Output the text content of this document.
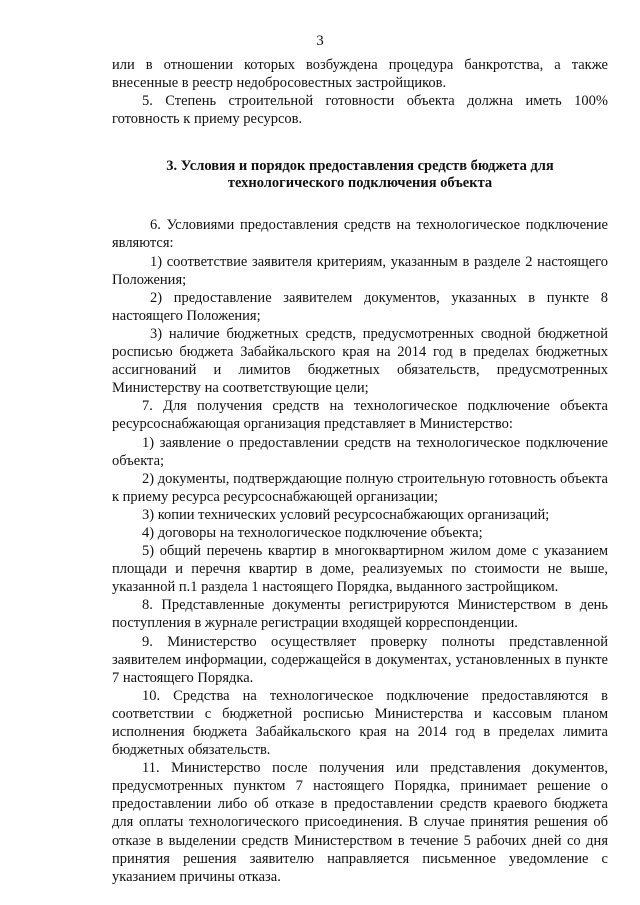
3

или в отношении которых возбуждена процедура банкротства, а также внесенные в реестр недобросовестных застройщиков.

5. Степень строительной готовности объекта должна иметь 100% готовность к приему ресурсов.

3. Условия и порядок предоставления средств бюджета для
технологического подключения объекта

6. Условиями предоставления средств на технологическое подключение являются:

1) соответствие заявителя критериям, указанным в разделе 2 настоящего Положения;

2) предоставление заявителем документов, указанных в пункте 8 настоящего Положения;

3) наличие бюджетных средств, предусмотренных сводной бюджетной росписью бюджета Забайкальского края на 2014 год в пределах бюджетных ассигнований и лимитов бюджетных обязательств, предусмотренных Министерству на соответствующие цели;

7. Для получения средств на технологическое подключение объекта ресурсоснабжающая организация представляет в Министерство:

1) заявление о предоставлении средств на технологическое подключение объекта;

2) документы, подтверждающие полную строительную готовность объекта к приему ресурса ресурсоснабжающей организации;

3) копии технических условий ресурсоснабжающих организаций;

4) договоры на технологическое подключение объекта;

5) общий перечень квартир в многоквартирном жилом доме с указанием площади и перечня квартир в доме, реализуемых по стоимости не выше, указанной п.1 раздела 1 настоящего Порядка, выданного застройщиком.

8. Представленные документы регистрируются Министерством в день поступления в журнале регистрации входящей корреспонденции.

9. Министерство осуществляет проверку полноты представленной заявителем информации, содержащейся в документах, установленных в пункте 7 настоящего Порядка.

10. Средства на технологическое подключение предоставляются в соответствии с бюджетной росписью Министерства и кассовым планом исполнения бюджета Забайкальского края на 2014 год в пределах лимита бюджетных обязательств.

11. Министерство после получения или представления документов, предусмотренных пунктом 7 настоящего Порядка, принимает решение о предоставлении либо об отказе в предоставлении средств краевого бюджета для оплаты технологического присоединения. В случае принятия решения об отказе в выделении средств Министерством в течение 5 рабочих дней со дня принятия решения заявителю направляется письменное уведомление с указанием причины отказа.
